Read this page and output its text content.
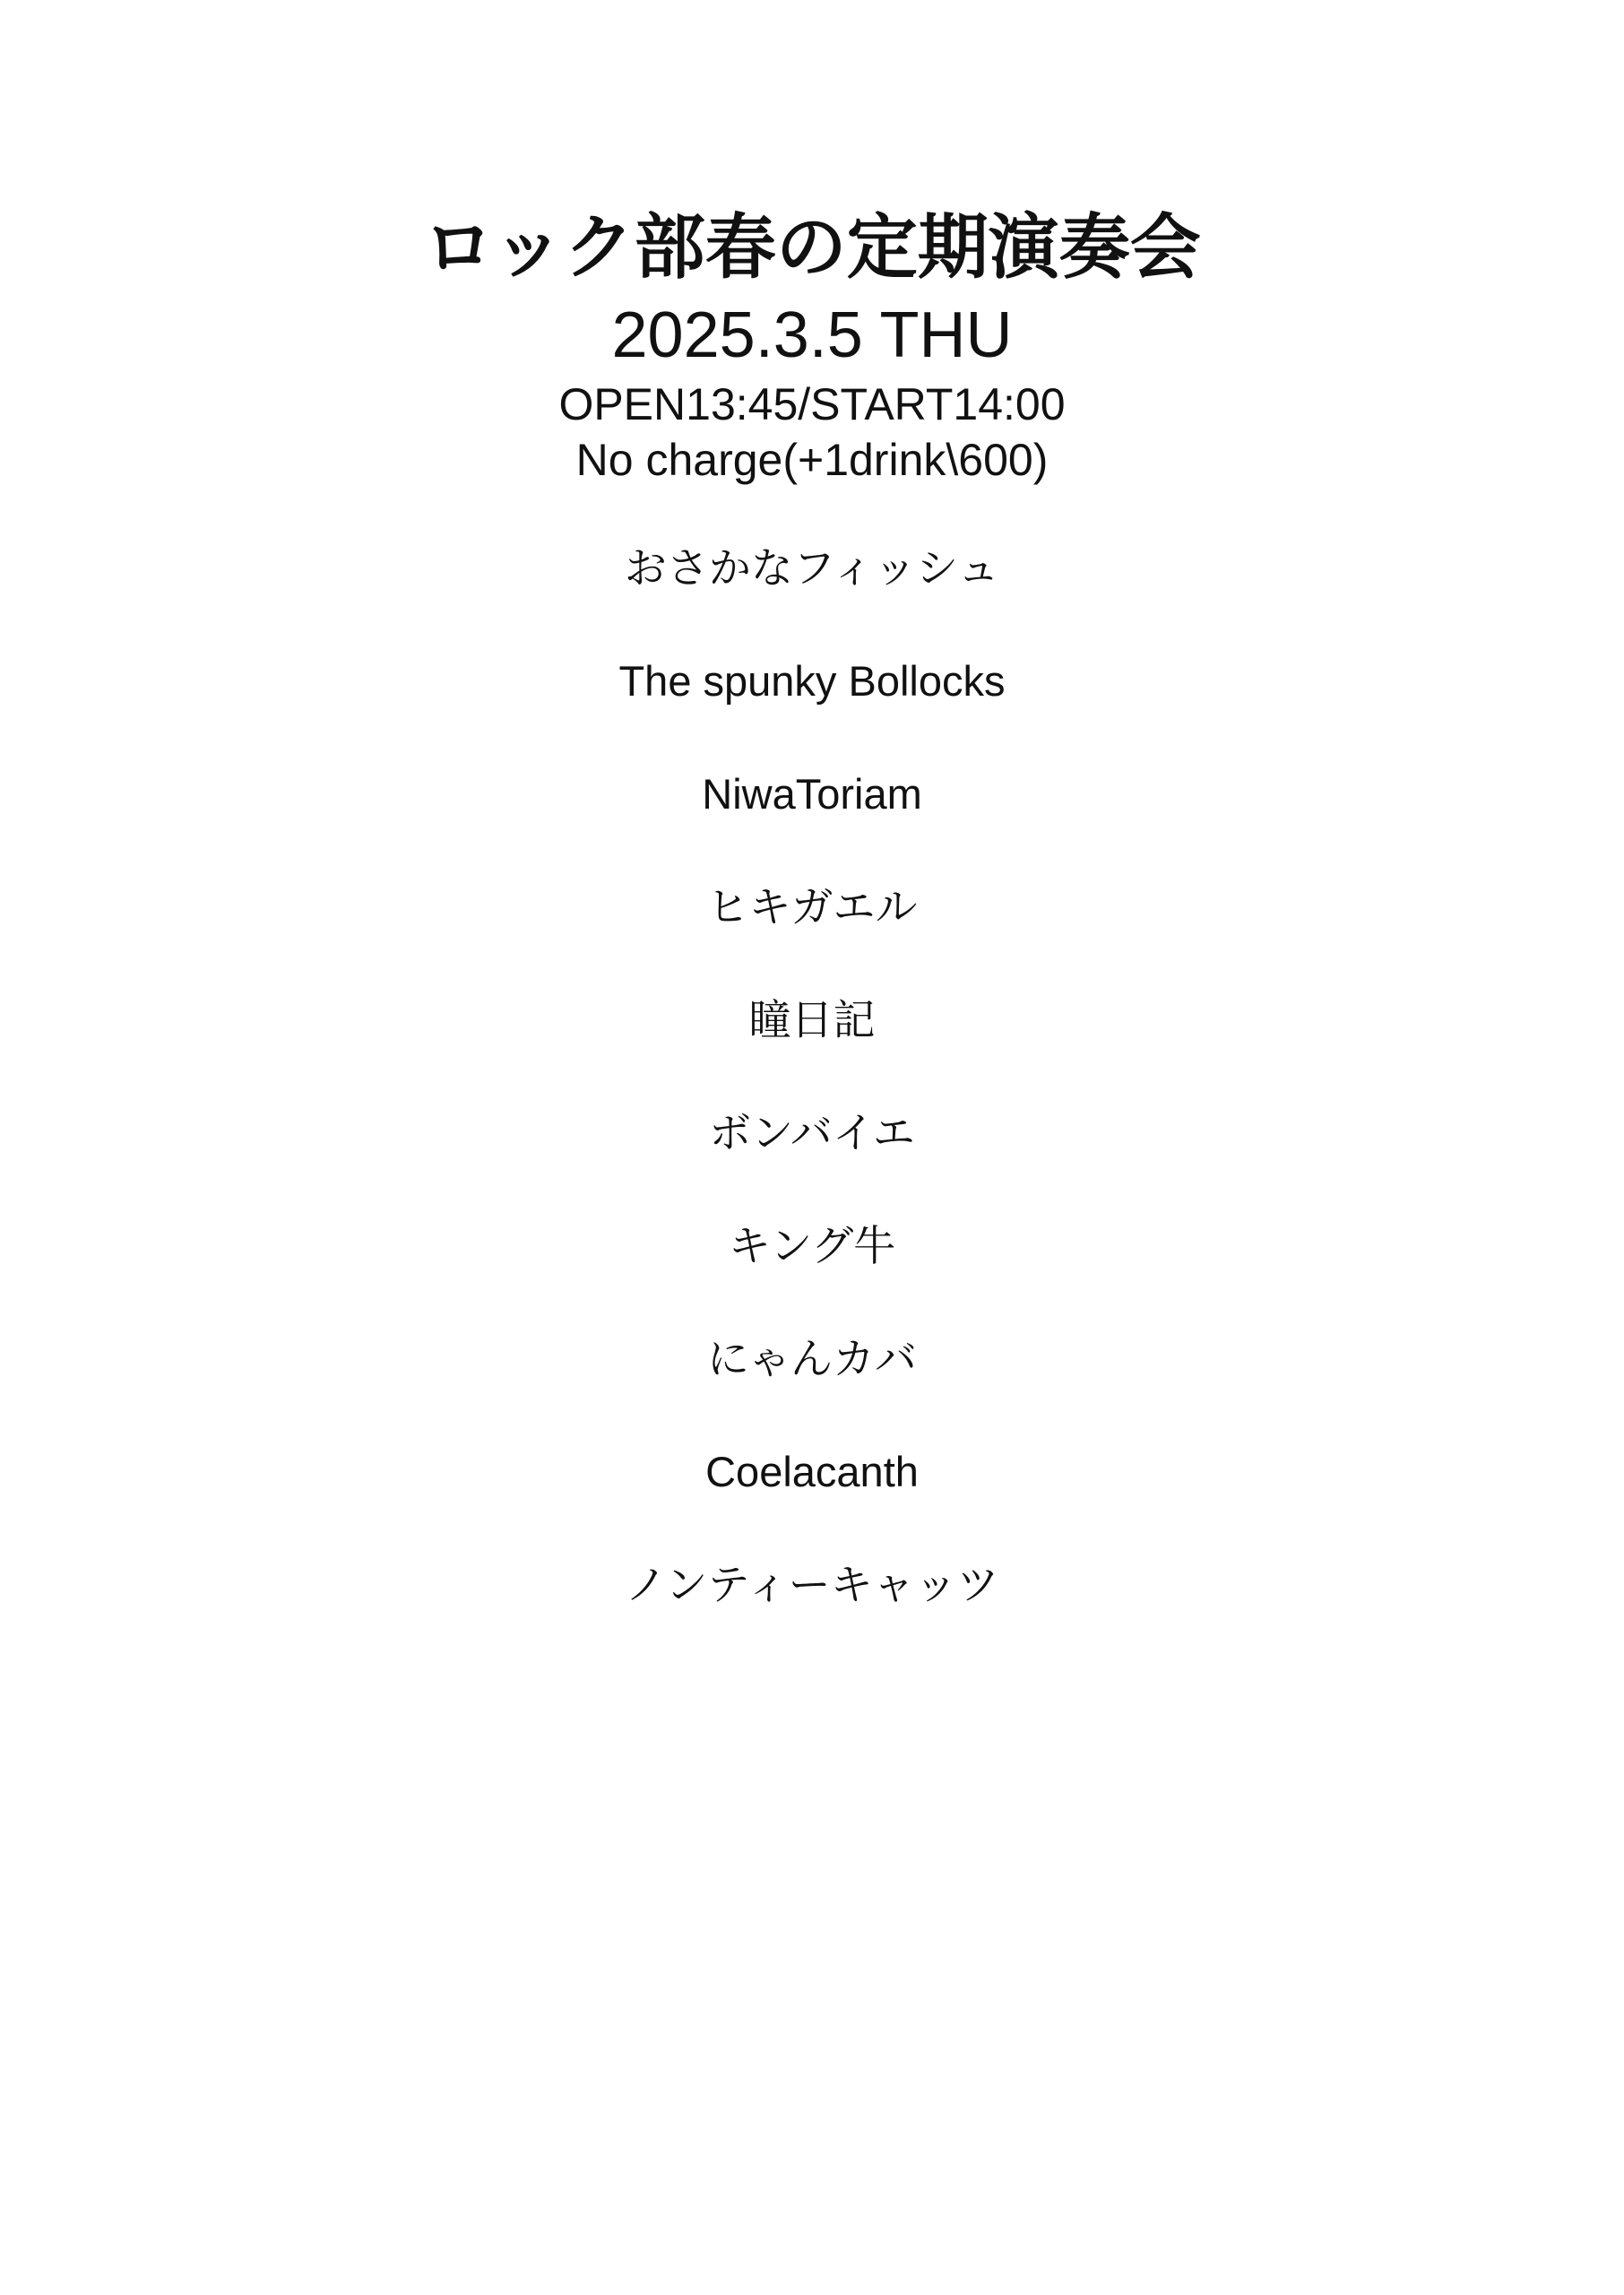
ロック部春の定期演奏会
2025.3.5 THU
OPEN13:45/START14:00
No charge(+1drink\600)
おさかなフィッシュ
The spunky Bollocks
NiwaToriam
ヒキガエル
瞳日記
ボンバイエ
キング牛
にゃんカバ
Coelacanth
ノンティーキャッツ
